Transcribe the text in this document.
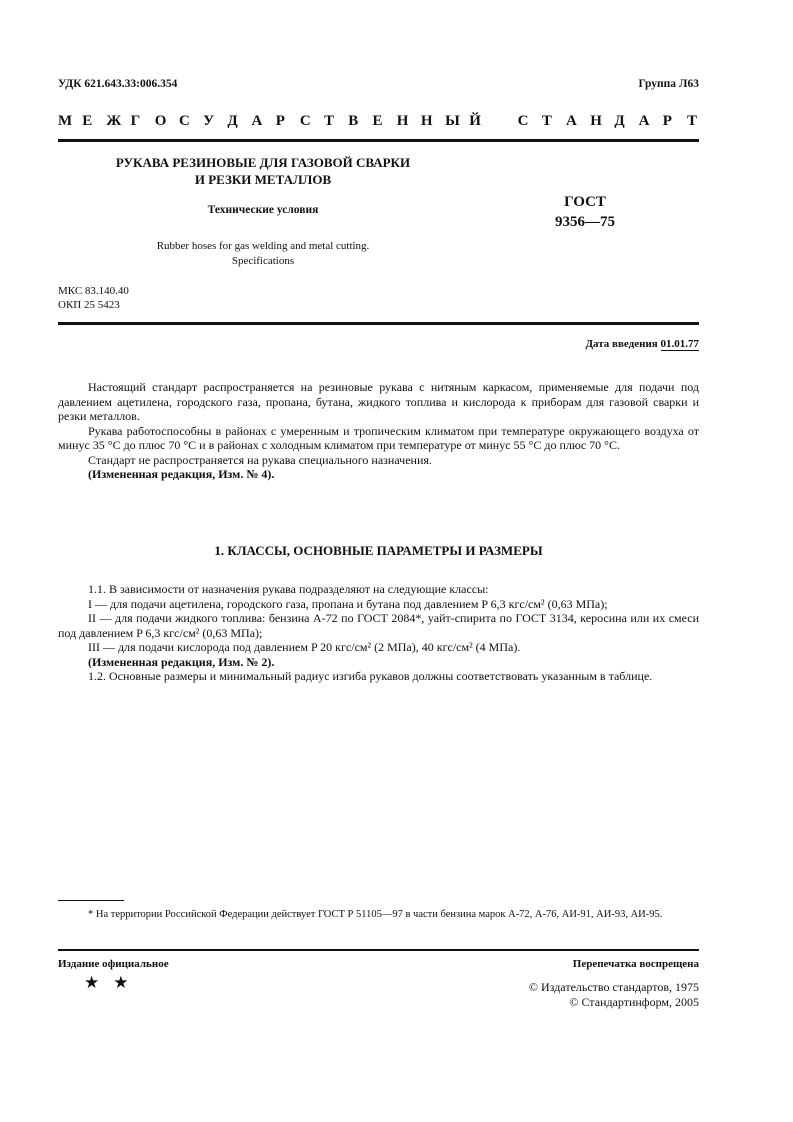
УДК 621.643.33:006.354	Группа Л63
М Е Ж Г О С У Д А Р С Т В Е Н Н Ы Й С Т А Н Д А Р Т
РУКАВА РЕЗИНОВЫЕ ДЛЯ ГАЗОВОЙ СВАРКИ
И РЕЗКИ МЕТАЛЛОВ
Технические условия
Rubber hoses for gas welding and metal cutting.
Specifications
ГОСТ
9356—75
МКС 83.140.40
ОКП 25 5423
Дата введения 01.01.77

Настоящий стандарт распространяется на резиновые рукава с нитяным каркасом, применяемые для подачи под давлением ацетилена, городского газа, пропана, бутана, жидкого топлива и кислорода к приборам для газовой сварки и резки металлов.

Рукава работоспособны в районах с умеренным и тропическим климатом при температуре окружающего воздуха от минус 35 °С до плюс 70 °С и в районах с холодным климатом при температуре от минус 55 °С до плюс 70 °С.

Стандарт не распространяется на рукава специального назначения.

(Измененная редакция, Изм. № 4).

1. КЛАССЫ, ОСНОВНЫЕ ПАРАМЕТРЫ И РАЗМЕРЫ

1.1. В зависимости от назначения рукава подразделяют на следующие классы:

I — для подачи ацетилена, городского газа, пропана и бутана под давлением P 6,3 кгс/см² (0,63 МПа);

II — для подачи жидкого топлива: бензина А-72 по ГОСТ 2084*, уайт-спирита по ГОСТ 3134, керосина или их смеси под давлением P 6,3 кгс/см² (0,63 МПа);

III — для подачи кислорода под давлением P 20 кгс/см² (2 МПа), 40 кгс/см² (4 МПа).

(Измененная редакция, Изм. № 2).

1.2. Основные размеры и минимальный радиус изгиба рукавов должны соответствовать указанным в таблице.

* На территории Российской Федерации действует ГОСТ Р 51105—97 в части бензина марок А-72, А-76, АИ-91, АИ-93, АИ-95.

Издание официальное	Перепечатка воспрещена
★★	© Издательство стандартов, 1975
© Стандартинформ, 2005
